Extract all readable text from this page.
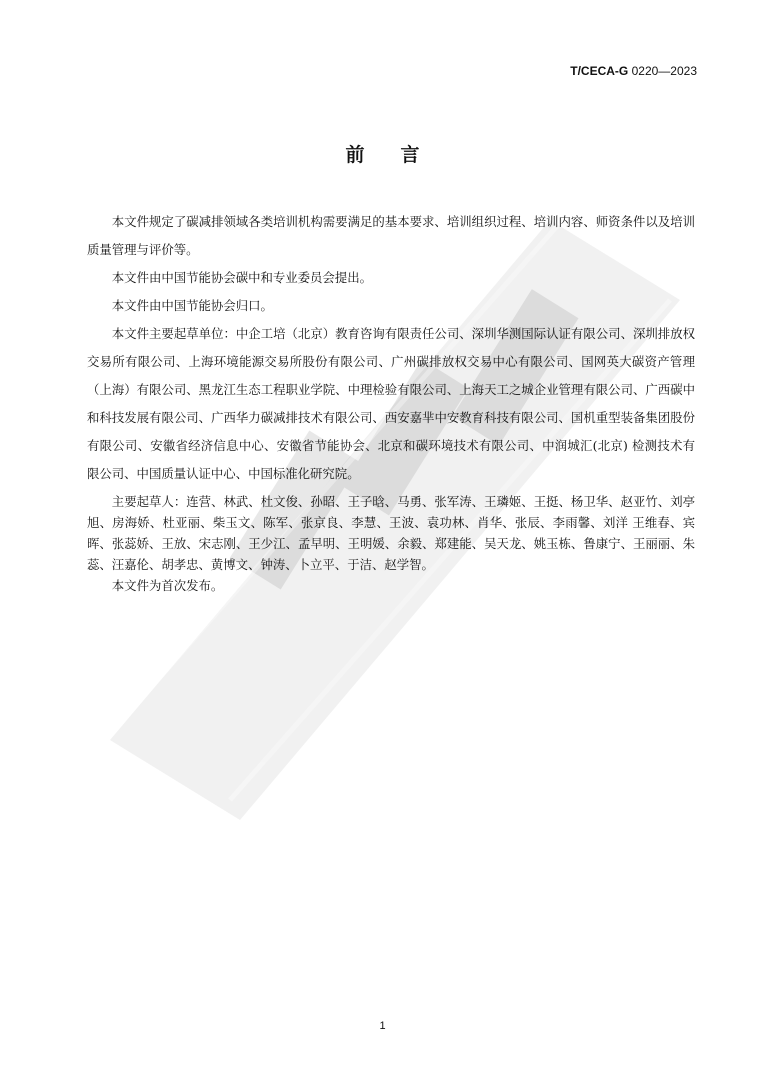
T/CECA-G 0220—2023
前 言

本文件规定了碳减排领域各类培训机构需要满足的基本要求、培训组织过程、培训内容、师资条件以及培训质量管理与评价等。

本文件由中国节能协会碳中和专业委员会提出。

本文件由中国节能协会归口。

本文件主要起草单位：中企工培（北京）教育咨询有限责任公司、深圳华测国际认证有限公司、深圳排放权交易所有限公司、上海环境能源交易所股份有限公司、广州碳排放权交易中心有限公司、国网英大碳资产管理（上海）有限公司、黑龙江生态工程职业学院、中理检验有限公司、上海天工之城企业管理有限公司、广西碳中和科技发展有限公司、广西华力碳减排技术有限公司、西安嘉芈中安教育科技有限公司、国机重型装备集团股份有限公司、安徽省经济信息中心、安徽省节能协会、北京和碳环境技术有限公司、中润城汇(北京) 检测技术有限公司、中国质量认证中心、中国标准化研究院。

主要起草人：连营、林武、杜文俊、孙昭、王子晗、马勇、张军涛、王璘姬、王挺、杨卫华、赵亚竹、刘亭旭、房海娇、杜亚丽、柴玉文、陈军、张京良、李慧、王波、袁功林、肖华、张辰、李雨馨、刘洋 王维春、宾晖、张蕊娇、王放、宋志刚、王少江、孟早明、王明媛、余毅、郑建能、吴天龙、姚玉栋、鲁康宁、王丽丽、朱蕊、汪嘉伦、胡孝忠、黄博文、钟涛、卜立平、于洁、赵学智。

本文件为首次发布。

1
